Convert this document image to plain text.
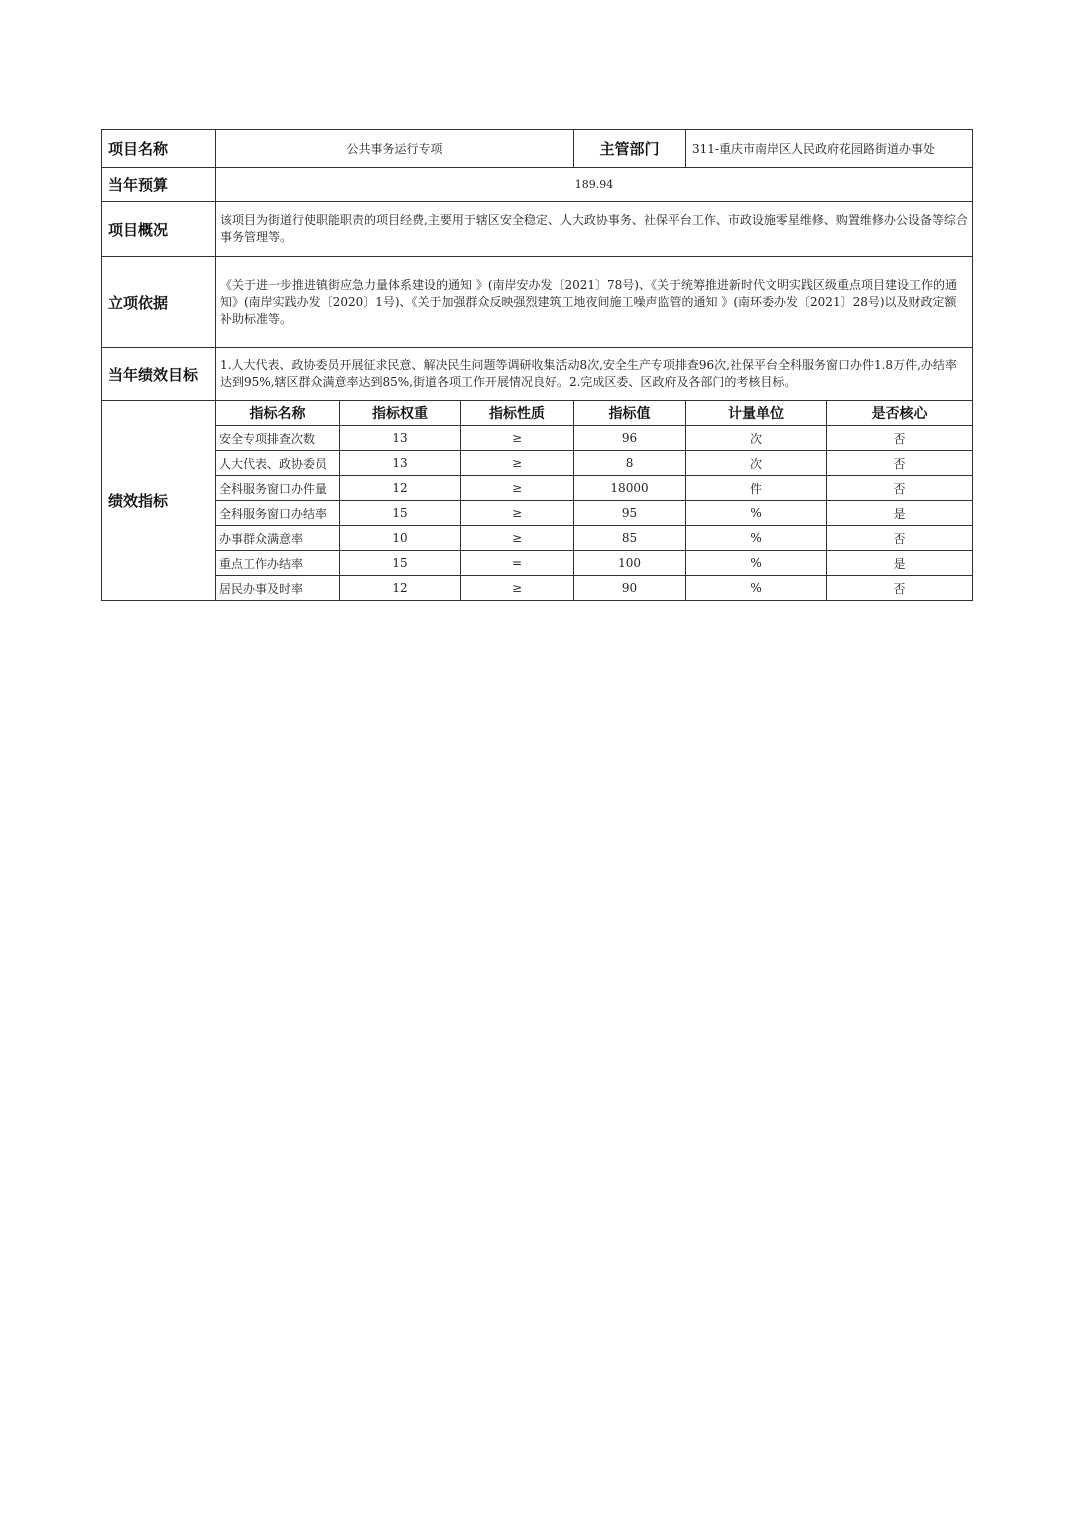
项目名称	公共事务运行专项			主管部门	311-重庆市南岸区人民政府花园路街道办事处	
当年预算	189.94					
项目概况	该项目为街道行使职能职责的项目经费,主要用于辖区安全稳定、人大政协事务、社保平台工作、市政设施零星维修、购置维修办公设备等综合事务管理等。					
立项依据	《关于进一步推进镇街应急力量体系建设的通知 》(南岸安办发〔2021〕78号)、《关于统筹推进新时代文明实践区级重点项目建设工作的通知》(南岸实践办发〔2020〕1号)、《关于加强群众反映强烈建筑工地夜间施工噪声监管的通知 》(南环委办发〔2021〕28号)以及财政定额补助标准等。					
当年绩效目标	1.人大代表、政协委员开展征求民意、解决民生问题等调研收集活动8次,安全生产专项排查96次,社保平台全科服务窗口办件1.8万件,办结率达到95%,辖区群众满意率达到85%,街道各项工作开展情况良好。2.完成区委、区政府及各部门的考核目标。					
绩效指标	指标名称	指标权重	指标性质	指标值	计量单位	是否核心
	安全专项排查次数	13	≥	96	次	否
	人大代表、政协委员	13	≥	8	次	否
	全科服务窗口办件量	12	≥	18000	件	否
	全科服务窗口办结率	15	≥	95	%	是
	办事群众满意率	10	≥	85	%	否
	重点工作办结率	15	=	100	%	是
	居民办事及时率	12	≥	90	%	否
